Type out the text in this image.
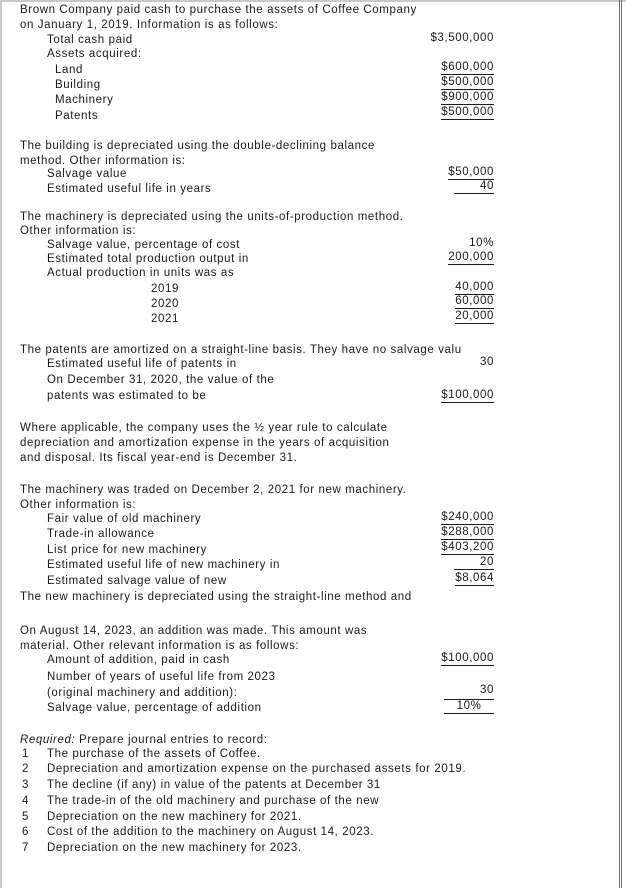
Brown Company paid cash to purchase the assets of Coffee Company
on January 1, 2019. Information is as follows:
Total cash paid	$3,500,000
Assets acquired:
Land	$600,000
Building	$500,000
Machinery	$900,000
Patents	$500,000
The building is depreciated using the double-declining balance
method. Other information is:
Salvage value	$50,000
Estimated useful life in years	40
The machinery is depreciated using the units-of-production method.
Other information is:
Salvage value, percentage of cost	10%
Estimated total production output in	200,000
Actual production in units was as
2019	40,000
2020	60,000
2021	20,000
The patents are amortized on a straight-line basis. They have no salvage valu
Estimated useful life of patents in	30
On December 31, 2020, the value of the
patents was estimated to be	$100,000
Where applicable, the company uses the ½ year rule to calculate
depreciation and amortization expense in the years of acquisition
and disposal. Its fiscal year-end is December 31.
The machinery was traded on December 2, 2021 for new machinery.
Other information is:
Fair value of old machinery	$240,000
Trade-in allowance	$288,000
List price for new machinery	$403,200
Estimated useful life of new machinery in	20
Estimated salvage value of new	$8,064
The new machinery is depreciated using the straight-line method and
On August 14, 2023, an addition was made. This amount was
material. Other relevant information is as follows:
Amount of addition, paid in cash	$100,000
Number of years of useful life from 2023
(original machinery and addition):	30
Salvage value, percentage of addition	10%
Required: Prepare journal entries to record:
1 The purchase of the assets of Coffee.
2 Depreciation and amortization expense on the purchased assets for 2019.
3 The decline (if any) in value of the patents at December 31
4 The trade-in of the old machinery and purchase of the new
5 Depreciation on the new machinery for 2021.
6 Cost of the addition to the machinery on August 14, 2023.
7 Depreciation on the new machinery for 2023.
